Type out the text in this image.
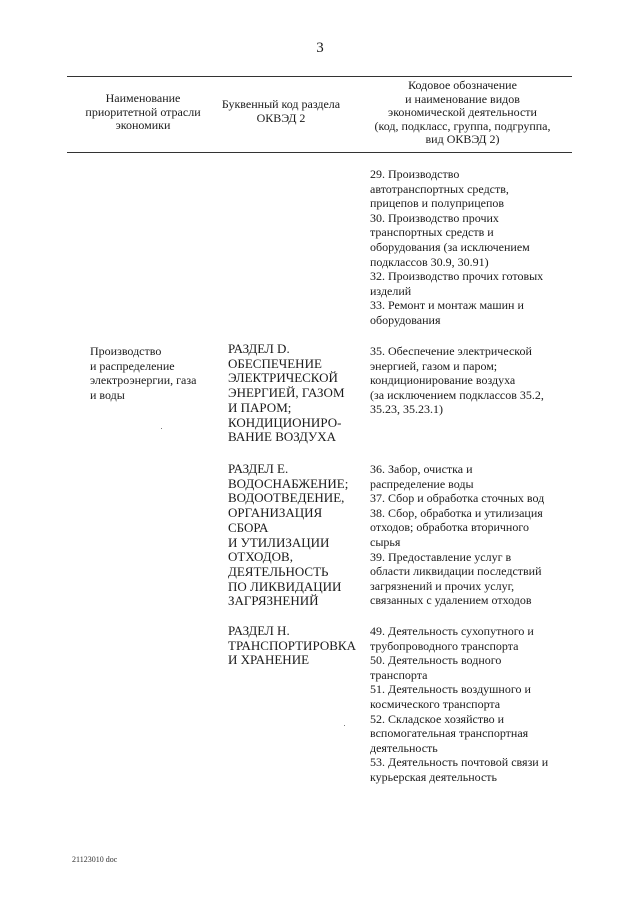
3
Наименование
приоритетной отрасли
экономики
Буквенный код раздела
ОКВЭД 2
Кодовое обозначение
и наименование видов
экономической деятельности
(код, подкласс, группа, подгруппа,
вид ОКВЭД 2)
29. Производство
автотранспортных средств,
прицепов и полуприцепов
30. Производство прочих
транспортных средств и
оборудования (за исключением
подклассов 30.9, 30.91)
32. Производство прочих готовых
изделий
33. Ремонт и монтаж машин и
оборудования
Производство
и распределение
электроэнергии, газа
и воды
РАЗДЕЛ D.
ОБЕСПЕЧЕНИЕ
ЭЛЕКТРИЧЕСКОЙ
ЭНЕРГИЕЙ, ГАЗОМ
И ПАРОМ;
КОНДИЦИОНИРО-
ВАНИЕ ВОЗДУХА
35. Обеспечение электрической
энергией, газом и паром;
кондиционирование воздуха
(за исключением подклассов 35.2,
35.23, 35.23.1)
РАЗДЕЛ Е.
ВОДОСНАБЖЕНИЕ;
ВОДООТВЕДЕНИЕ,
ОРГАНИЗАЦИЯ
СБОРА
И УТИЛИЗАЦИИ
ОТХОДОВ,
ДЕЯТЕЛЬНОСТЬ
ПО ЛИКВИДАЦИИ
ЗАГРЯЗНЕНИЙ
36. Забор, очистка и
распределение воды
37. Сбор и обработка сточных вод
38. Сбор, обработка и утилизация
отходов; обработка вторичного
сырья
39. Предоставление услуг в
области ликвидации последствий
загрязнений и прочих услуг,
связанных с удалением отходов
РАЗДЕЛ Н.
ТРАНСПОРТИРОВКА
И ХРАНЕНИЕ
49. Деятельность сухопутного и
трубопроводного транспорта
50. Деятельность водного
транспорта
51. Деятельность воздушного и
космического транспорта
52. Складское хозяйство и
вспомогательная транспортная
деятельность
53. Деятельность почтовой связи и
курьерская деятельность
21123010 doc
